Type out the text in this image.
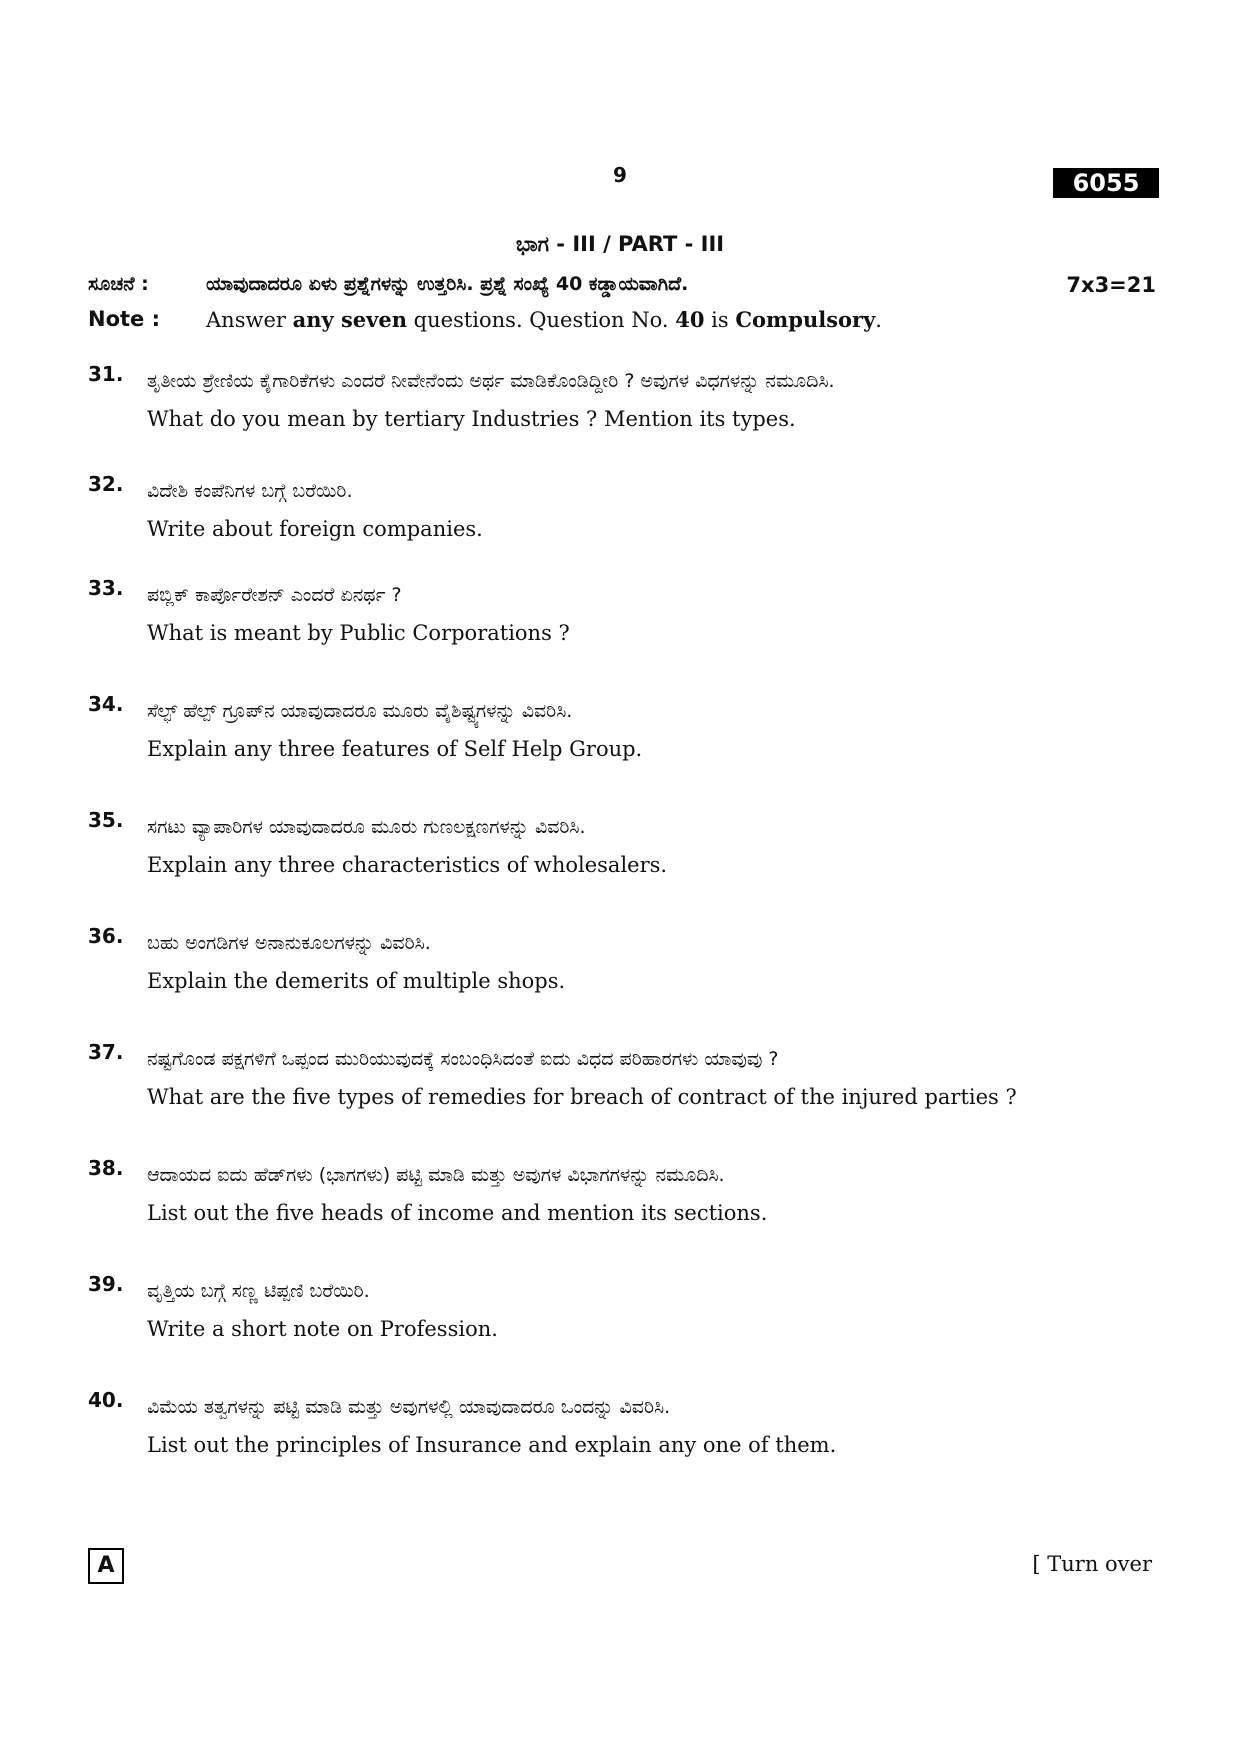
9	6055
ಭಾಗ - III / PART - III
ಸೂಚನೆ :	ಯಾವುದಾದರೂ ಏಳು ಪ್ರಶ್ನೆಗಳನ್ನು ಉತ್ತರಿಸಿ. ಪ್ರಶ್ನೆ ಸಂಖ್ಯೆ 40 ಕಡ್ಡಾಯವಾಗಿದೆ.	7x3=21
Note : Answer any seven questions. Question No. 40 is Compulsory.
31. ತೃತೀಯ ಶ್ರೇಣಿಯ ಕೈಗಾರಿಕೆಗಳು ಎಂದರೆ ನೀವೇನೆಂದು ಅರ್ಥ ಮಾಡಿಕೊಂಡಿದ್ದೀರಿ ? ಅವುಗಳ ವಿಧಗಳನ್ನು ನಮೂದಿಸಿ.
What do you mean by tertiary Industries ? Mention its types.
32. ವಿದೇಶಿ ಕಂಪೆನಿಗಳ ಬಗ್ಗೆ ಬರೆಯಿರಿ.
Write about foreign companies.
33. ಪಬ್ಲಿಕ್ ಕಾರ್ಪೊರೇಶನ್ ಎಂದರೆ ಏನರ್ಥ ?
What is meant by Public Corporations ?
34. ಸೆಲ್ಫ್ ಹೆಲ್ಪ್ ಗ್ರೂಪ್‌ನ ಯಾವುದಾದರೂ ಮೂರು ವೈಶಿಷ್ಟ್ಯಗಳನ್ನು ವಿವರಿಸಿ.
Explain any three features of Self Help Group.
35. ಸಗಟು ವ್ಯಾಪಾರಿಗಳ ಯಾವುದಾದರೂ ಮೂರು ಗುಣಲಕ್ಷಣಗಳನ್ನು ವಿವರಿಸಿ.
Explain any three characteristics of wholesalers.
36. ಬಹು ಅಂಗಡಿಗಳ ಅನಾನುಕೂಲಗಳನ್ನು ವಿವರಿಸಿ.
Explain the demerits of multiple shops.
37. ನಷ್ಟಗೊಂಡ ಪಕ್ಷಗಳಿಗೆ ಒಪ್ಪಂದ ಮುರಿಯುವುದಕ್ಕೆ ಸಂಬಂಧಿಸಿದಂತೆ ಐದು ವಿಧದ ಪರಿಹಾರಗಳು ಯಾವುವು ?
What are the five types of remedies for breach of contract of the injured parties ?
38. ಆದಾಯದ ಐದು ಹೆಡ್‌ಗಳು (ಭಾಗಗಳು) ಪಟ್ಟಿ ಮಾಡಿ ಮತ್ತು ಅವುಗಳ ವಿಭಾಗಗಳನ್ನು ನಮೂದಿಸಿ.
List out the five heads of income and mention its sections.
39. ವೃತ್ತಿಯ ಬಗ್ಗೆ ಸಣ್ಣ ಟಿಪ್ಪಣಿ ಬರೆಯಿರಿ.
Write a short note on Profession.
40. ವಿಮೆಯ ತತ್ವಗಳನ್ನು ಪಟ್ಟಿ ಮಾಡಿ ಮತ್ತು ಅವುಗಳಲ್ಲಿ ಯಾವುದಾದರೂ ಒಂದನ್ನು ವಿವರಿಸಿ.
List out the principles of Insurance and explain any one of them.
A	[ Turn over
